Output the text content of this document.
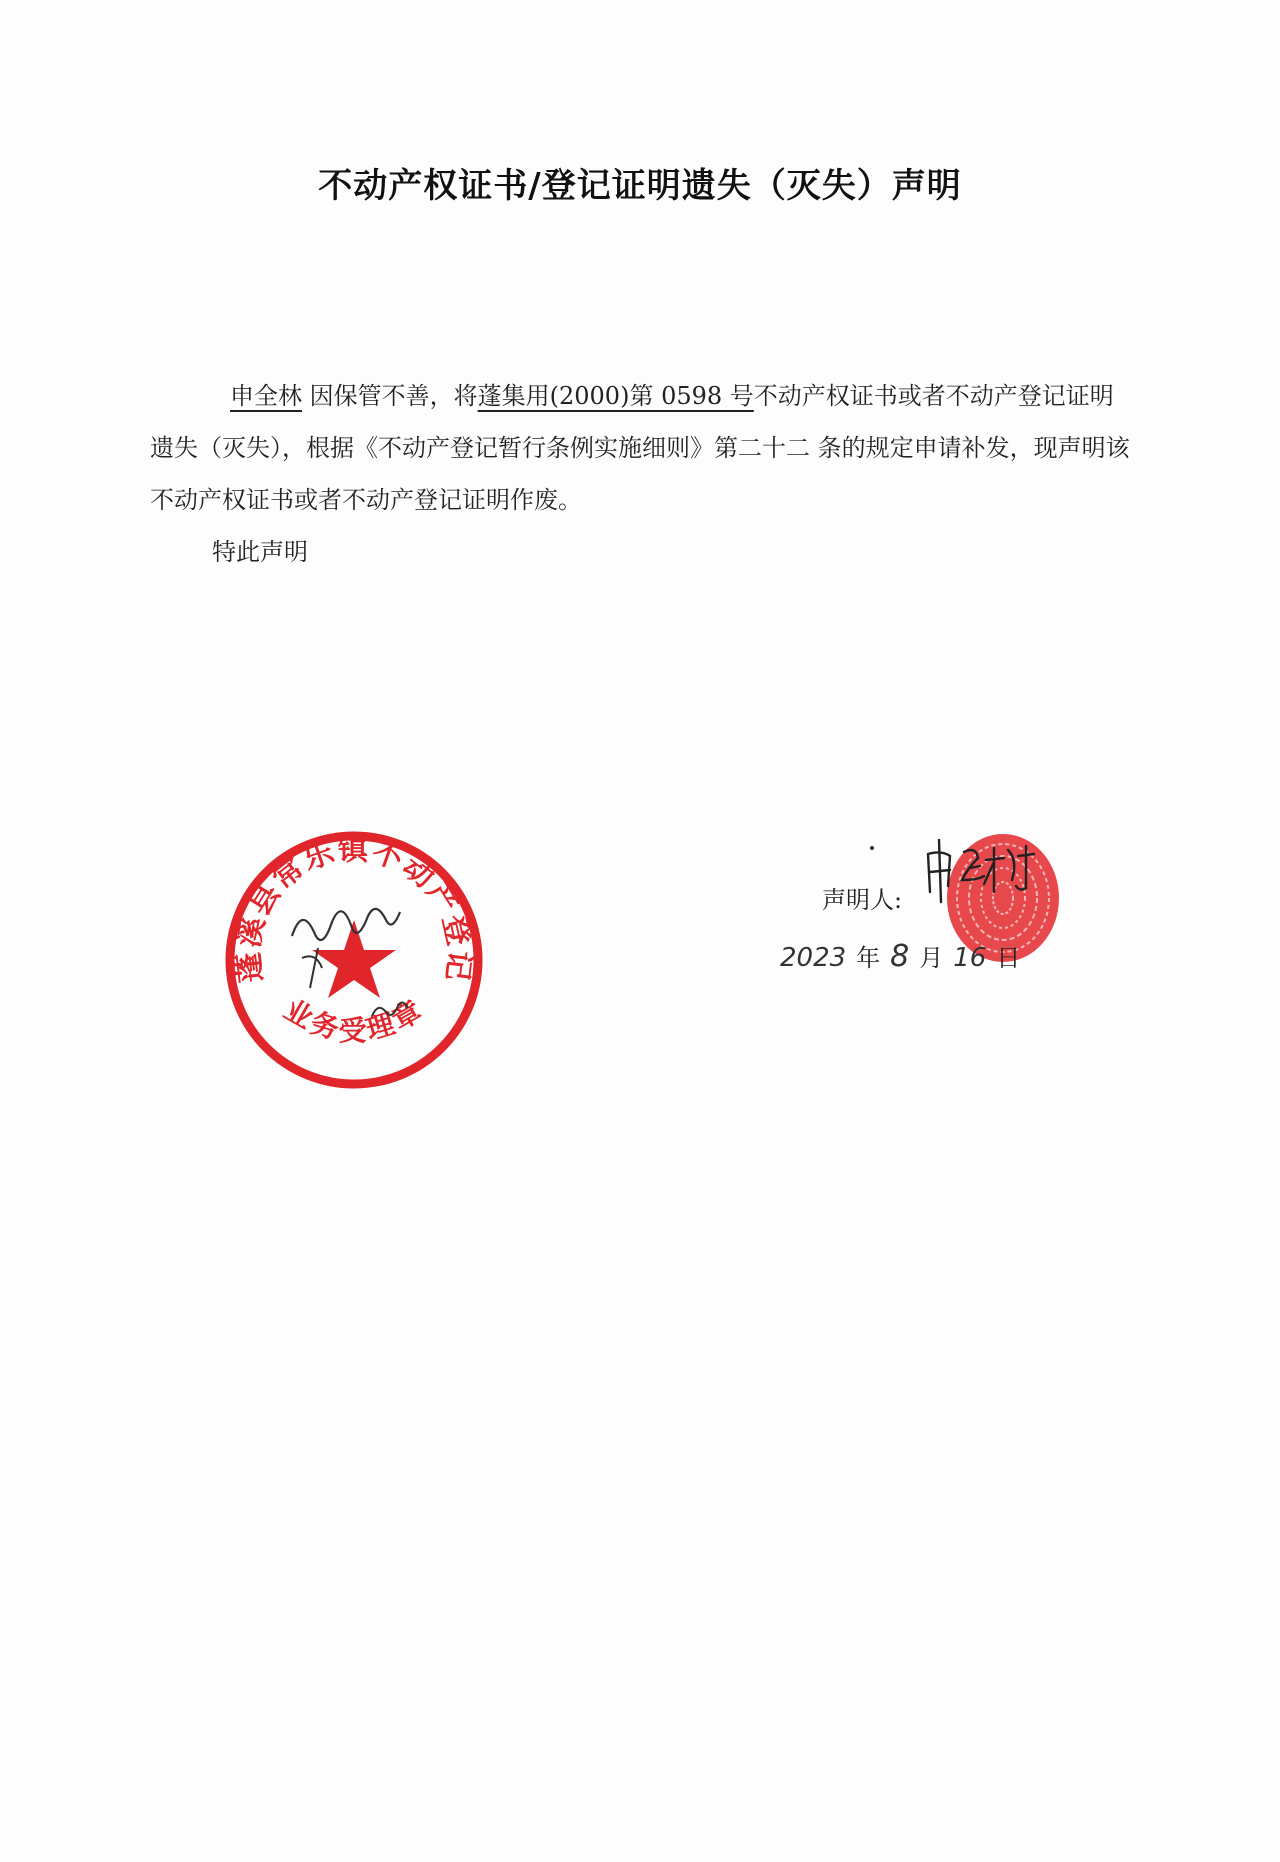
不动产权证书/登记证明遗失（灭失）声明

申全林 因保管不善，将蓬集用(2000)第 0598 号不动产权证书或者不动产登记证明遗失（灭失），根据《不动产登记暂行条例实施细则》第二十二 条的规定申请补发，现声明该不动产权证书或者不动产登记证明作废。

特此声明

蓬溪县常乐镇不动产登记
业务受理章
声明人:
2023 年 8 月 16 日
